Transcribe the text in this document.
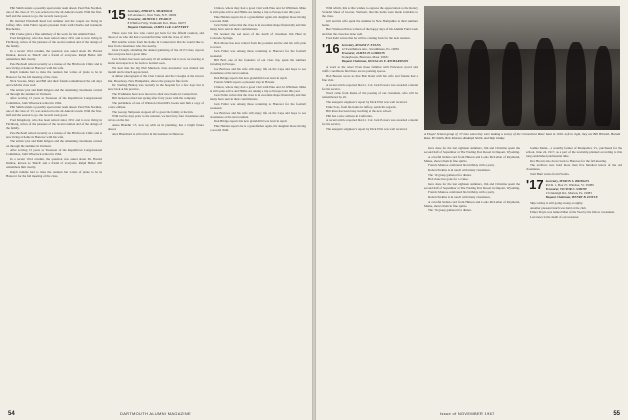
Phil Smith stands a possibly spectacular team ahead. Paul Fisk Northen, one of the class of '15, was selected to the all-America team. With the first-half and the season to go, the records look good.

He married Elizabeth Reed last summer and the couple are living in Jaffrey. Mrs. John Fuller reports pleasant visits with Charlie and Jeannette Batchelder.

Phil Clarke gives a fine summary of his work for the Alumni Fund.

Fred Kingsbury, who has been retired since 1951 and is now living in Fitchburg, writes of the pleasure of the recent reunion and of the doings of the family.

In a recent 1914 column, the question was asked about Dr. Harold Dunbar, known as 'Dutch' and a friend of everyone. Ralph Heller still remembers him clearly.

Pete Bodwell retired recently as a trustee of the Hitchcock Clinic and is now living at home in Hanover with his wife.

Ralph Jenkins had to miss the reunion but writes of plans to be in Hanover for the fall meeting of the class.

Nick Sowles, Mary and Bill and their friends remembered the old days and wish the class well.

The artistic plot and Ruth Kilgore and the remaining classmates carried on through the summer in Vermont.

After serving 13 years as Treasurer of the Republican Congressional Committee, John Wheelock retired in 1964.

Phil Smith stands a possibly spectacular team ahead. Paul Fisk Northen, one of the class of '15, was selected to the all-America team. With the first-half and the season to go, the records look good.

Fred Kingsbury, who has been retired since 1951 and is now living in Fitchburg, writes of the pleasure of the recent reunion and of the doings of the family.

Pete Bodwell retired recently as a trustee of the Hitchcock Clinic and is now living at home in Hanover with his wife.

The artistic plot and Ruth Kilgore and the remaining classmates carried on through the summer in Vermont.

After serving 13 years as Treasurer of the Republican Congressional Committee, John Wheelock retired in 1964.

In a recent 1914 column, the question was asked about Dr. Harold Dunbar, known as 'Dutch' and a friend of everyone. Ralph Heller still remembers him clearly.

Ralph Jenkins had to miss the reunion but writes of plans to be in Hanover for the fall meeting of the class.

'15 Secretary, PHILIP S. MURDOCK
245 Avenue C, New York, N.Y. 10009
Treasurer, ARTHUR J. PEARCE
8 Whitford Way, Yarmouth Port, Mass. 02675
Bequest Chairman, JAMES LeR. LAFFERTY

There were but few who could get back for the fiftieth reunion, and those of us who did had a wonderful time with the class of 1915.

Bill Adams writes from his home in Connecticut that he would like to hear from classmates who live nearby.

Glen Clough, attending the annual gathering of the 1915 Class, reports that everyone had a great time.

Jack Sellers has been seriously ill all summer but is now recovering at home and expects to be back to normal soon.

We hear that the big Phil Murdock class newsletter was mailed last month and is much appreciated.

A dinner photograph of the Chat Canton and the Cloughs at the Glover Inn, Broadway, New Hampshire, shows the group in fine form.

Dr. Sterling Bishop was recently in the hospital for a few days but is now back at his practice.

The Frishmans have now moved to their new home in Connecticut.

Bill Jackson retired last spring after forty years with the company.

The publishers of one of Winston Churchill's books sent him a copy of a new edition.

The George Simpsons stopped off to greet the family at the Inn.

With twelve days prior to the reunion, we had forty-four classmates and wives on the list.

Amos Blandin '15, now up with us in planning, has a bright future ahead.

Alex Blanchard is still active in his business in Hanover.

Clinton, where they had a good visit with Pike and Al Whitman. Mike is still quite active and Hildie are taking a trip to Europe later this year.

Pike Halden reports he is a grandfather again, his daughter Rose having a second child.

Jack Fuller writes that the class is in excellent shape financially and that many have sent in their contributions.

We learned the sad news of the death of classmate Jim Hunt in Colorado Springs.

Bob Morse has now retired from his position and he and his wife plan to travel.

Jack Fuller was among those returning to Hanover for the football weekend.

Bill Bell, one of the founders of our class trip, spent the summer traveling in Europe.

Joe Barlowe and his wife still enjoy life on the Cape and hope to see classmates at the next reunion.

Dan Bridge reports his new grandchild was born in April.

Francis Smith reports a pleasant stay in Hawaii.

Clinton, where they had a good visit with Pike and Al Whitman. Mike is still quite active and Hildie are taking a trip to Europe later this year.

Jack Fuller writes that the class is in excellent shape financially and that many have sent in their contributions.

Jack Fuller was among those returning to Hanover for the football weekend.

Joe Barlowe and his wife still enjoy life on the Cape and hope to see classmates at the next reunion.

Dan Bridge reports his new grandchild was born in April.

Pike Halden reports he is a grandfather again, his daughter Rose having a second child.

54	DARTMOUTH ALUMNI MAGAZINE

With which, this scribe wishes to express the appreciation to the Rotary Scandal Sheet of Groton, Vermont, that the items were made available to the class.

Gill and his wife spent the summer in New Hampshire at their summer home.

Bert Wadsworth has written of the happy days of his Alumni Fund work and that the class has done well.

Fred Kehr writes that he will be coming back for the next reunion.

'16 Secretary, ROGER F. EVANS
12 Swarthmore Ave., Swarthmore, Pa. 19081
Treasurer, JAMES H. GORDON
Stoneybrook, Brewster, Mass. 02631
Bequest Chairman, DOUGLAS E. RICHARDSON

A word to the wise! Even those familiar with Princeton crowd and traffic conditions find there are no parking spaces.

Bob Beeson wrote us that Bob Rand with his wife and friends had a fine visit.

A recent article reported that Lt. Col. Jack Powers was awarded a medal for his service.

Word came from Rome of the passing of our classmate, who will be remembered by all.

The energetic engineer's report by Dick Ellis was well received.

Emie Foss, from his home in Jaffrey, sends his regards.

Bill Ross has been busy teaching at the new school.

Phil has a new address in California.

A recent article reported that Lt. Col. Jack Powers was awarded a medal for his service.

The energetic engineer's report by Dick Ellis was well received.

A Thayer School group of '17 men when they were making a survey of the Connecticut River back in 1916. Left to right, they are Bill Brinsell, Harold Rose, Yiv Smith, Bob Johnson, Rudolph Smith, and Skip Gilday.

have done for the last eighteen summers, Jim and Christine spent the second half of September at The Trading Post Resort in Dupont, Wyoming.

A colorful Indian card from Hinson and Louis McLellan of Raymond, Maine, shows them in fine spirits.

Francis Munroe celebrated his birthday with a party.

Robert Perkins is in touch with many classmates.

The '16 group gathered for dinner.

Bob Zone has gone for a cruise.

have done for the last eighteen summers, Jim and Christine spent the second half of September at The Trading Post Resort in Dupont, Wyoming.

Francis Munroe celebrated his birthday with a party.

Robert Perkins is in touch with many classmates.

A colorful Indian card from Hinson and Louis McLellan of Raymond, Maine, shows them in fine spirits.

The '16 group gathered for dinner.

Joshua Mann... a wealthy farmer of Montpelier, Vt., purchased for the school, June 24, 1917, as a part of the township planned according to this long established patrimonial time.

Doc Brown also drove back to Hanover for the fall meeting.

The archives now hold more than five hundred letters of the old classmates.

Tom Hunt writes from Florida.

'17 Secretary, MYRON S. BRIDGES
R.F.D. 1, Box 27, Windsor, Vt. 05089
Treasurer, VICTOR C. SMITH
13 Oakleigh Rd., Marion, Pa. 19083
Bequest Chairman, HENRY B. DOYLE

Skip Gilday is still going strong at eighty.

Another pleasant lunch was held at the club.

Elmer Doyle was named Man of the Year by his fellow townsmen.

Last news is the death of our treasurer.

Issue of NOVEMBER 1967	55
